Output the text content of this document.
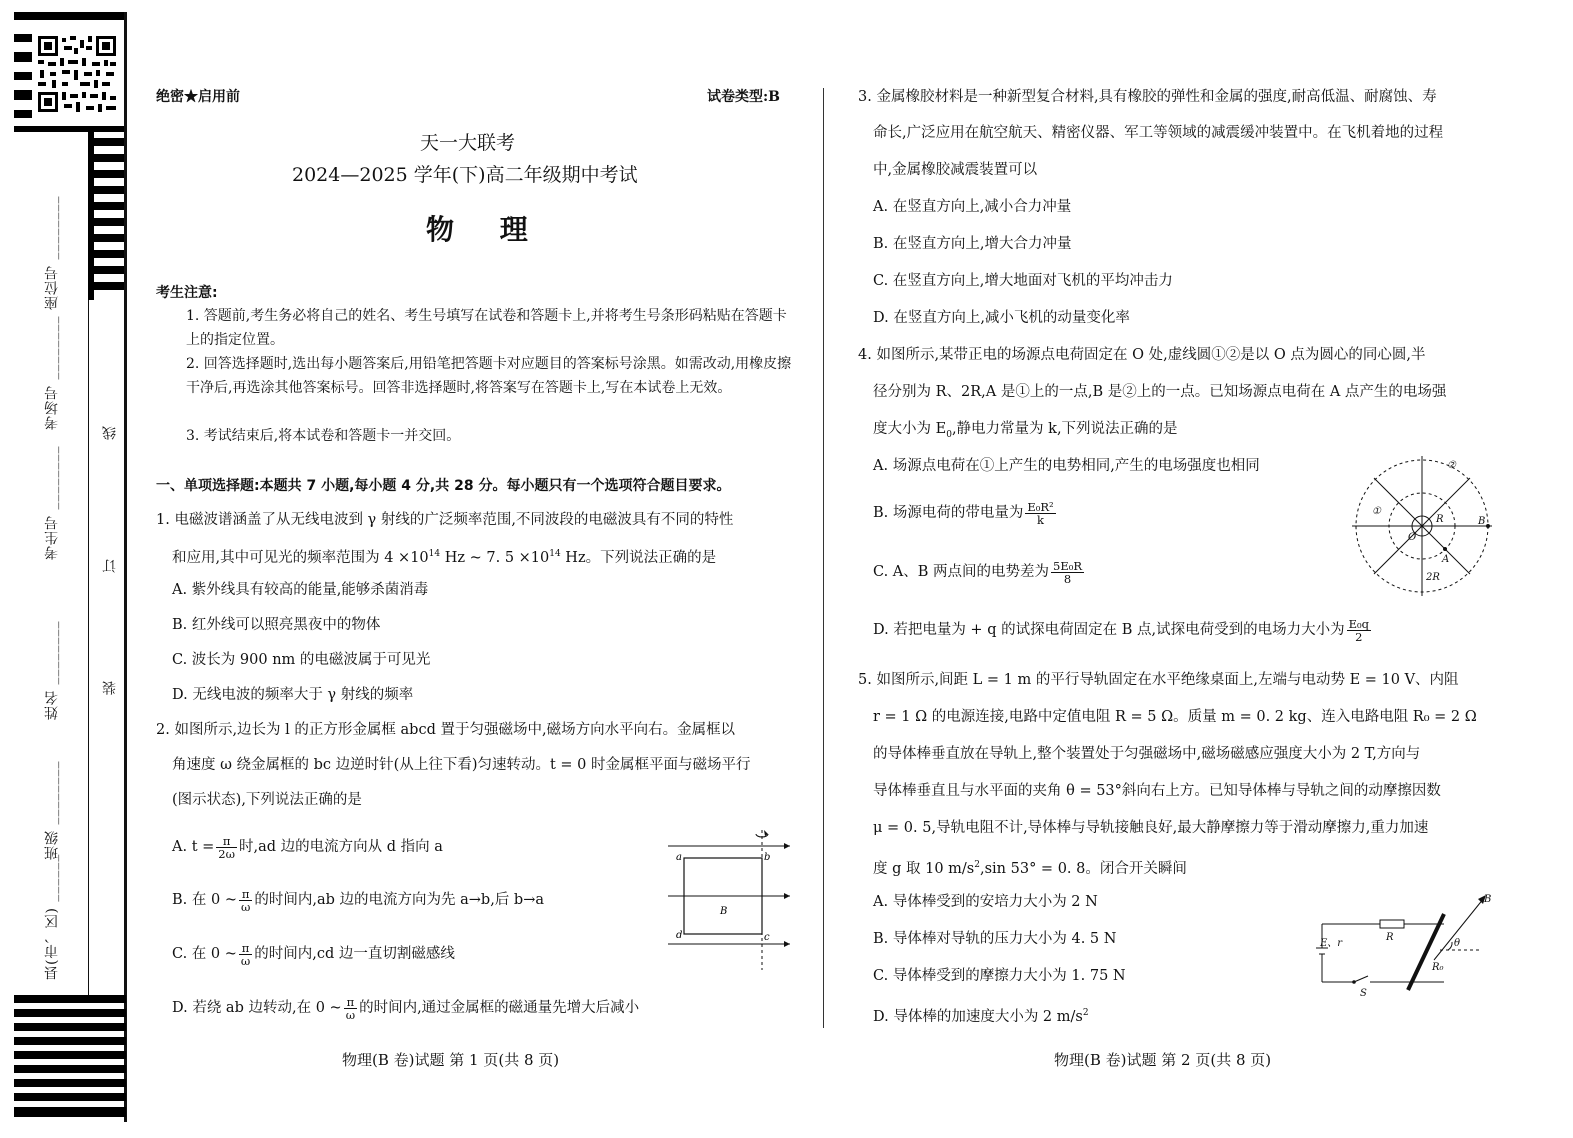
座位号 ________
考场号 ________
考生号 ________
姓名 ________
班级 ________
县(市、区) ______
线
订
装
绝密★启用前	试卷类型:B
天一大联考
2024—2025 学年(下)高二年级期中考试
物 理
考生注意:
1. 答题前,考生务必将自己的姓名、考生号填写在试卷和答题卡上,并将考生号条形码粘贴在答题卡上的指定位置。
2. 回答选择题时,选出每小题答案后,用铅笔把答题卡对应题目的答案标号涂黑。如需改动,用橡皮擦干净后,再选涂其他答案标号。回答非选择题时,将答案写在答题卡上,写在本试卷上无效。
3. 考试结束后,将本试卷和答题卡一并交回。
一、单项选择题:本题共 7 小题,每小题 4 分,共 28 分。每小题只有一个选项符合题目要求。
1. 电磁波谱涵盖了从无线电波到 γ 射线的广泛频率范围,不同波段的电磁波具有不同的特性
和应用,其中可见光的频率范围为 $4 \times 10^{14}$ Hz ~ 7. $5 \times 10^{14}$ Hz。下列说法正确的是
A. 紫外线具有较高的能量,能够杀菌消毒
B. 红外线可以照亮黑夜中的物体
C. 波长为 900 nm 的电磁波属于可见光
D. 无线电波的频率大于 γ 射线的频率
2. 如图所示,边长为 l 的正方形金属框 abcd 置于匀强磁场中,磁场方向水平向右。金属框以
角速度 ω 绕金属框的 bc 边逆时针(从上往下看)匀速转动。t = 0 时金属框平面与磁场平行
(图示状态),下列说法正确的是
A. $t = \frac{\pi}{2\omega}$ 时,ad 边的电流方向从 d 指向 a
B. 在 0 ~ $\frac{\pi}{\omega}$ 的时间内,ab 边的电流方向为先 a→b,后 b→a
C. 在 0 ~ $\frac{\pi}{\omega}$ 的时间内,cd 边一直切割磁感线
D. 若绕 ab 边转动,在 0 ~ $\frac{\pi}{\omega}$ 的时间内,通过金属框的磁通量先增大后减小
a	b
c
d
B
物理(B 卷)试题 第 1 页(共 8 页)
3. 金属橡胶材料是一种新型复合材料,具有橡胶的弹性和金属的强度,耐高低温、耐腐蚀、寿
命长,广泛应用在航空航天、精密仪器、军工等领域的减震缓冲装置中。在飞机着地的过程
中,金属橡胶减震装置可以
A. 在竖直方向上,减小合力冲量
B. 在竖直方向上,增大合力冲量
C. 在竖直方向上,增大地面对飞机的平均冲击力
D. 在竖直方向上,减小飞机的动量变化率
4. 如图所示,某带正电的场源点电荷固定在 O 处,虚线圆①②是以 O 点为圆心的同心圆,半
径分别为 R、2R,A 是①上的一点,B 是②上的一点。已知场源点电荷在 A 点产生的电场强
度大小为 $E_0$,静电力常量为 k,下列说法正确的是
A. 场源点电荷在①上产生的电势相同,产生的电场强度也相同
B. 场源电荷的带电量为 $\frac{\text{E₀R²}}{k}$
C. A、B 两点间的电势差为 $\frac{\text{5E₀R}}{8}$
D. 若把电量为 + q 的试探电荷固定在 B 点,试探电荷受到的电场力大小为 $\frac{\text{E₀q}}{2}$
②
①
O
R
2R
A
B
5. 如图所示,间距 L = 1 m 的平行导轨固定在水平绝缘桌面上,左端与电动势 E = 10 V、内阻
r = 1 Ω 的电源连接,电路中定值电阻 R = 5 Ω。质量 m = 0. 2 kg、连入电路电阻 R₀ = 2 Ω
的导体棒垂直放在导轨上,整个装置处于匀强磁场中,磁场磁感应强度大小为 2 T,方向与
导体棒垂直且与水平面的夹角 θ = 53°斜向右上方。已知导体棒与导轨之间的动摩擦因数
μ = 0. 5,导轨电阻不计,导体棒与导轨接触良好,最大静摩擦力等于滑动摩擦力,重力加速
度 g 取 10 $m/s^2,\sin$ 53° = 0. 8。闭合开关瞬间
A. 导体棒受到的安培力大小为 2 N
B. 导体棒对导轨的压力大小为 4. 5 N
C. 导体棒受到的摩擦力大小为 1. 75 N
D. 导体棒的加速度大小为 2 $m/s^2$
E、r
R
R₀
S
B
θ
物理(B 卷)试题 第 2 页(共 8 页)
